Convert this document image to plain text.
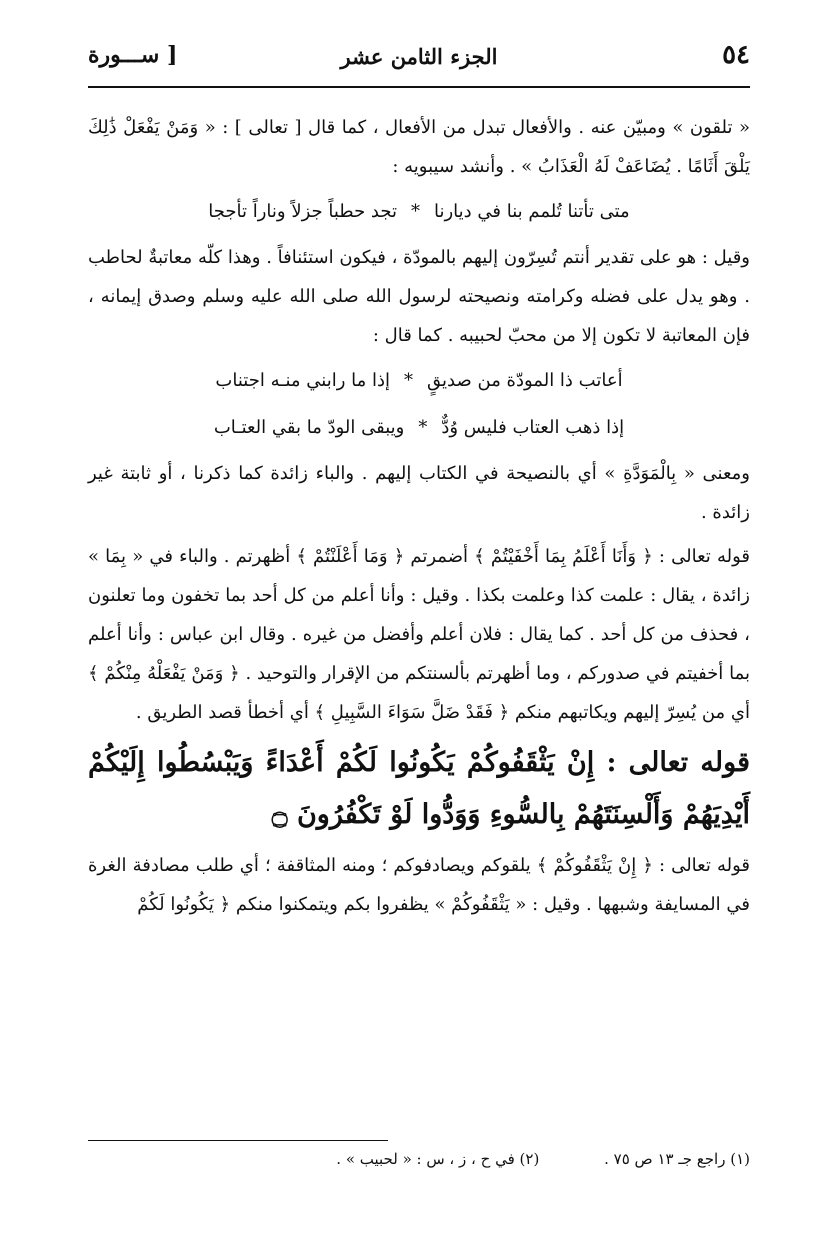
٥٤
الجزء الثامن عشر
[ ســـورة

« تلقون » ومبيّن عنه . والأفعال تبدل من الأفعال ، كما قال [ تعالى ] : « وَمَنْ يَفْعَلْ ذَٰلِكَ يَلْقَ أَثَامًا . يُضَاعَفْ لَهُ الْعَذَابُ » . وأنشد سيبويه :

متى تأتنا تُلمم بنا في ديارنا*تجد حطباً جزلاً وناراً تأججا

وقيل : هو على تقدير أنتم تُسِرّون إليهم بالمودّة ، فيكون استئنافاً . وهذا كلّه معاتبةٌ لحاطب . وهو يدل على فضله وكرامته ونصيحته لرسول الله صلى الله عليه وسلم وصدق إيمانه ، فإن المعاتبة لا تكون إلا من محبّ لحبيبه . كما قال :

أعاتب ذا المودّة من صديقٍ*إذا ما رابني منـه اجتناب
إذا ذهب العتاب فليس وُدٌّ*ويبقى الودّ ما بقي العتـاب

ومعنى « بِالْمَوَدَّةِ » أي بالنصيحة في الكتاب إليهم . والباء زائدة كما ذكرنا ، أو ثابتة غير زائدة .

قوله تعالى : ﴿ وَأَنَا أَعْلَمُ بِمَا أَخْفَيْتُمْ ﴾ أضمرتم ﴿ وَمَا أَعْلَنْتُمْ ﴾ أظهرتم . والباء في « بِمَا » زائدة ، يقال : علمت كذا وعلمت بكذا . وقيل : وأنا أعلم من كل أحد بما تخفون وما تعلنون ، فحذف من كل أحد . كما يقال : فلان أعلم وأفضل من غيره . وقال ابن عباس : وأنا أعلم بما أخفيتم في صدوركم ، وما أظهرتم بألسنتكم من الإقرار والتوحيد . ﴿ وَمَنْ يَفْعَلْهُ مِنْكُمْ ﴾ أي من يُسِرّ إليهم ويكاتبهم منكم ﴿ فَقَدْ ضَلَّ سَوَاءَ السَّبِيلِ ﴾ أي أخطأ قصد الطريق .

قوله تعالى : إِنْ يَثْقَفُوكُمْ يَكُونُوا لَكُمْ أَعْدَاءً وَيَبْسُطُوا إِلَيْكُمْ أَيْدِيَهُمْ وَأَلْسِنَتَهُمْ بِالسُّوءِ وَوَدُّوا لَوْ تَكْفُرُونَ ۝

قوله تعالى : ﴿ إِنْ يَثْقَفُوكُمْ ﴾ يلقوكم ويصادفوكم ؛ ومنه المثاقفة ؛ أي طلب مصادفة الغرة في المسايفة وشبهها . وقيل : « يَثْقَفُوكُمْ » يظفروا بكم ويتمكنوا منكم ﴿ يَكُونُوا لَكُمْ

(١) راجع جـ ١٣ ص ٧٥ . (٢) في ح ، ز ، س : « لحبيب » .
